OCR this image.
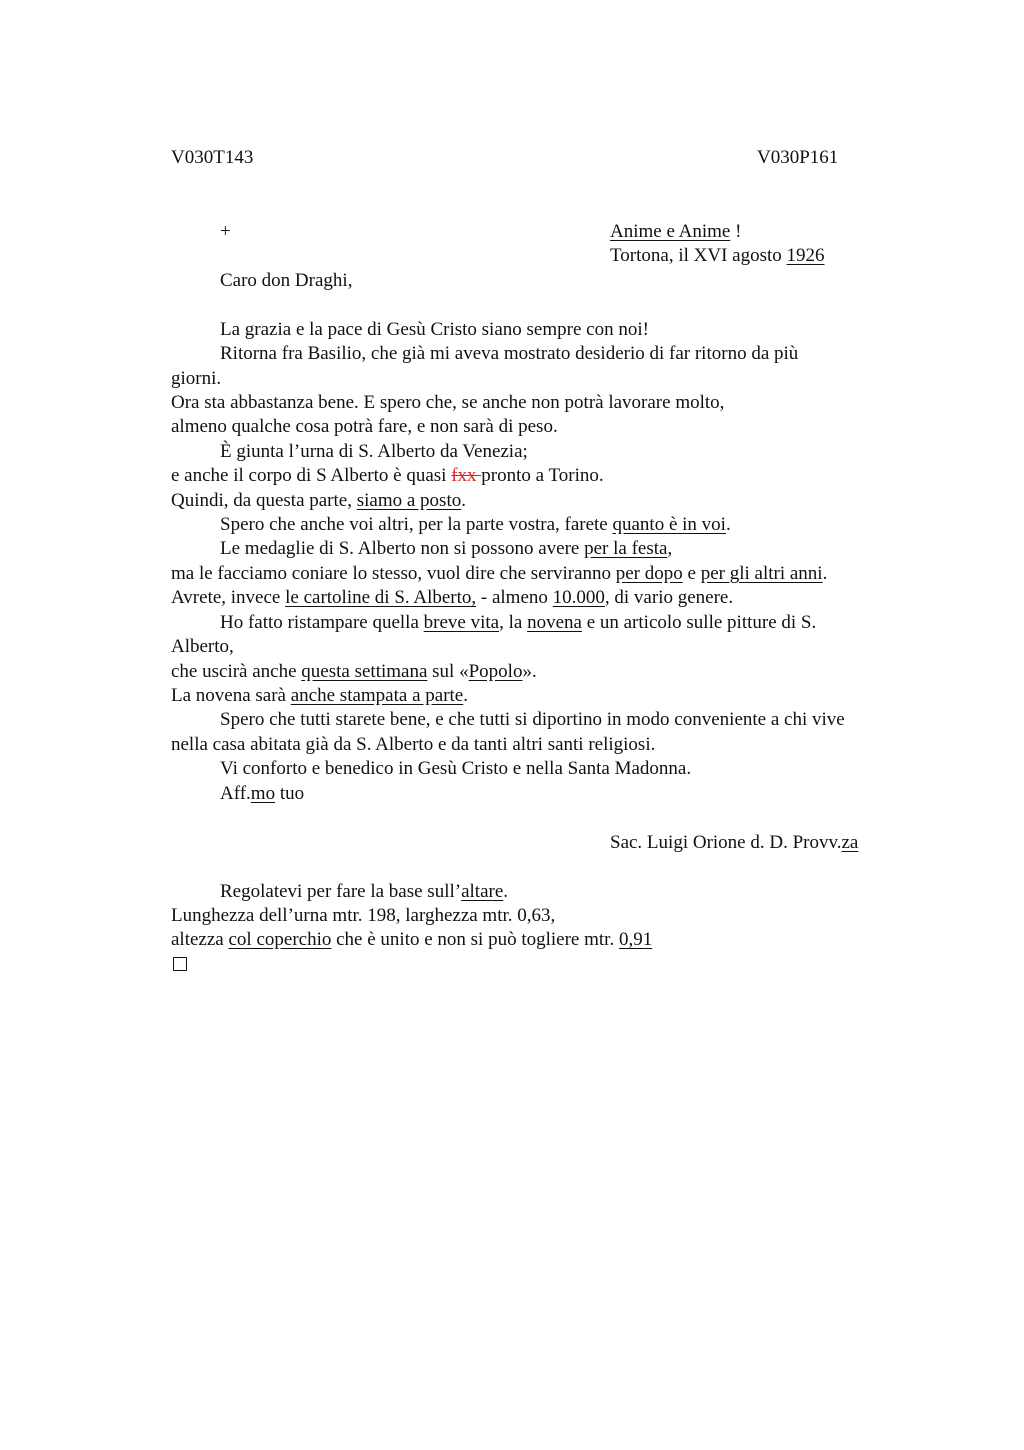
V030T143	V030P161
+	Anime e Anime !
Tortona, il XVI agosto 1926
Caro don Draghi,
La grazia e la pace di Gesù Cristo siano sempre con noi!
Ritorna fra Basilio, che già mi aveva mostrato desiderio di far ritorno da più
giorni.
Ora sta abbastanza bene. E spero che, se anche non potrà lavorare molto,
almeno qualche cosa potrà fare, e non sarà di peso.
È giunta l’urna di S. Alberto da Venezia;
e anche il corpo di S Alberto è quasi fxx pronto a Torino.
Quindi, da questa parte, siamo a posto.
Spero che anche voi altri, per la parte vostra, farete quanto è in voi.
Le medaglie di S. Alberto non si possono avere per la festa,
ma le facciamo coniare lo stesso, vuol dire che serviranno per dopo e per gli altri anni.
Avrete, invece le cartoline di S. Alberto, - almeno 10.000, di vario genere.
Ho fatto ristampare quella breve vita, la novena e un articolo sulle pitture di S.
Alberto,
che uscirà anche questa settimana sul «Popolo».
La novena sarà anche stampata a parte.
Spero che tutti starete bene, e che tutti si diportino in modo conveniente a chi vive
nella casa abitata già da S. Alberto e da tanti altri santi religiosi.
Vi conforto e benedico in Gesù Cristo e nella Santa Madonna.
Aff.mo tuo
Sac. Luigi Orione d. D. Provv.za
Regolatevi per fare la base sull’altare.
Lunghezza dell’urna mtr. 198, larghezza mtr. 0,63,
altezza col coperchio che è unito e non si può togliere mtr. 0,91
